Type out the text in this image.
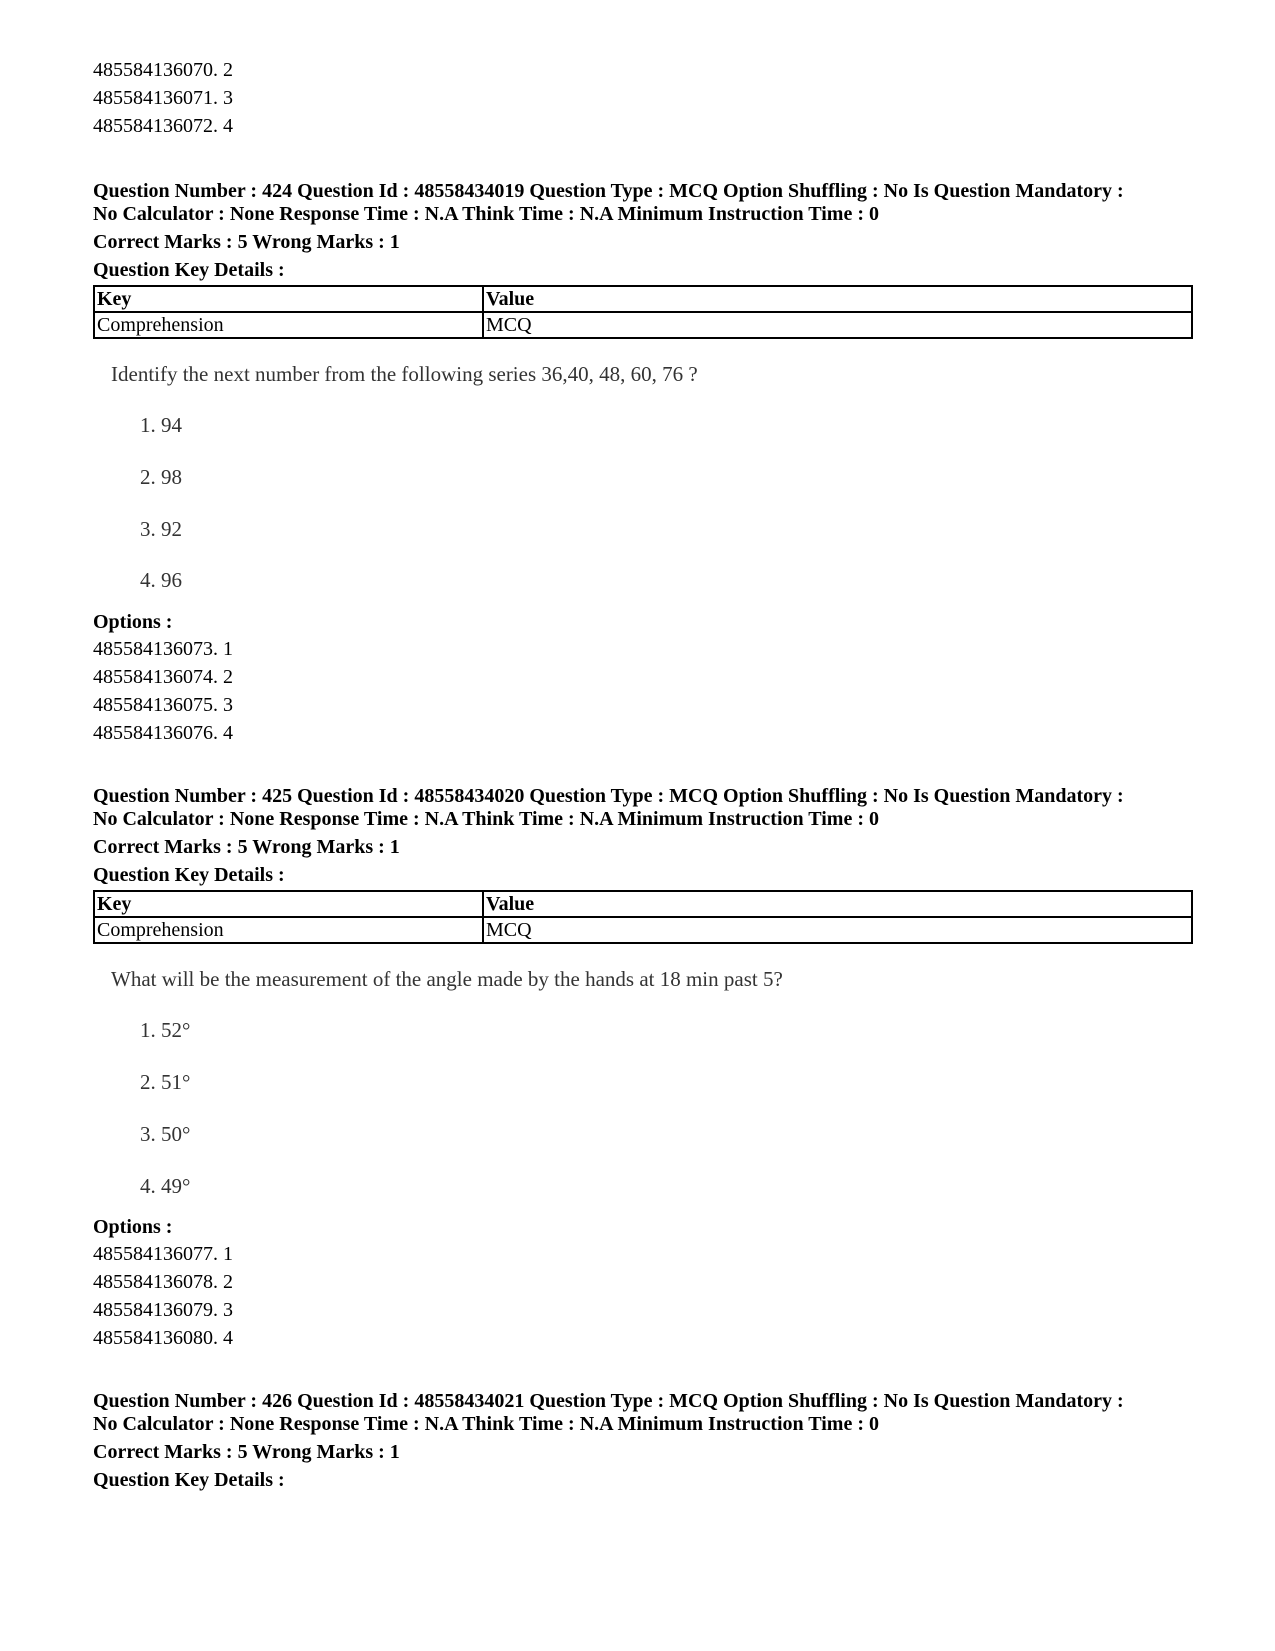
485584136070. 2
485584136071. 3
485584136072. 4
Question Number : 424 Question Id : 48558434019 Question Type : MCQ Option Shuffling : No Is Question Mandatory :
No Calculator : None Response Time : N.A Think Time : N.A Minimum Instruction Time : 0
Correct Marks : 5 Wrong Marks : 1
Question Key Details :
Key	Value
Comprehension	MCQ
Identify the next number from the following series 36,40, 48, 60, 76 ?
1. 94
2. 98
3. 92
4. 96
Options :
485584136073. 1
485584136074. 2
485584136075. 3
485584136076. 4
Question Number : 425 Question Id : 48558434020 Question Type : MCQ Option Shuffling : No Is Question Mandatory :
No Calculator : None Response Time : N.A Think Time : N.A Minimum Instruction Time : 0
Correct Marks : 5 Wrong Marks : 1
Question Key Details :
Key	Value
Comprehension	MCQ
What will be the measurement of the angle made by the hands at 18 min past 5?
1. 52°
2. 51°
3. 50°
4. 49°
Options :
485584136077. 1
485584136078. 2
485584136079. 3
485584136080. 4
Question Number : 426 Question Id : 48558434021 Question Type : MCQ Option Shuffling : No Is Question Mandatory :
No Calculator : None Response Time : N.A Think Time : N.A Minimum Instruction Time : 0
Correct Marks : 5 Wrong Marks : 1
Question Key Details :
